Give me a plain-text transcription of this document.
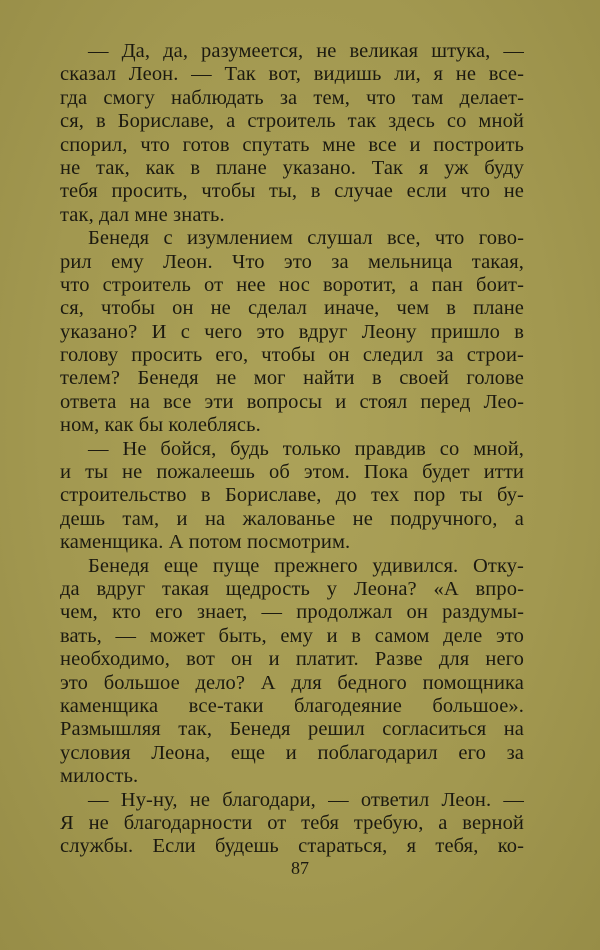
— Да, да, разумеется, не великая штука, —
сказал Леон. — Так вот, видишь ли, я не все-
гда смогу наблюдать за тем, что там делает-
ся, в Бориславе, а строитель так здесь со мной
спорил, что готов спутать мне все и построить
не так, как в плане указано. Так я уж буду
тебя просить, чтобы ты, в случае если что не
так, дал мне знать.
Бенедя с изумлением слушал все, что гово-
рил ему Леон. Что это за мельница такая,
что строитель от нее нос воротит, а пан боит-
ся, чтобы он не сделал иначе, чем в плане
указано? И с чего это вдруг Леону пришло в
голову просить его, чтобы он следил за строи-
телем? Бенедя не мог найти в своей голове
ответа на все эти вопросы и стоял перед Лео-
ном, как бы колеблясь.
— Не бойся, будь только правдив со мной,
и ты не пожалеешь об этом. Пока будет итти
строительство в Бориславе, до тех пор ты бу-
дешь там, и на жалованье не подручного, а
каменщика. А потом посмотрим.
Бенедя еще пуще прежнего удивился. Отку-
да вдруг такая щедрость у Леона? «А впро-
чем, кто его знает, — продолжал он раздумы-
вать, — может быть, ему и в самом деле это
необходимо, вот он и платит. Разве для него
это большое дело? А для бедного помощника
каменщика все-таки благодеяние большое».
Размышляя так, Бенедя решил согласиться на
условия Леона, еще и поблагодарил его за
милость.
— Ну-ну, не благодари, — ответил Леон. —
Я не благодарности от тебя требую, а верной
службы. Если будешь стараться, я тебя, ко-
87
